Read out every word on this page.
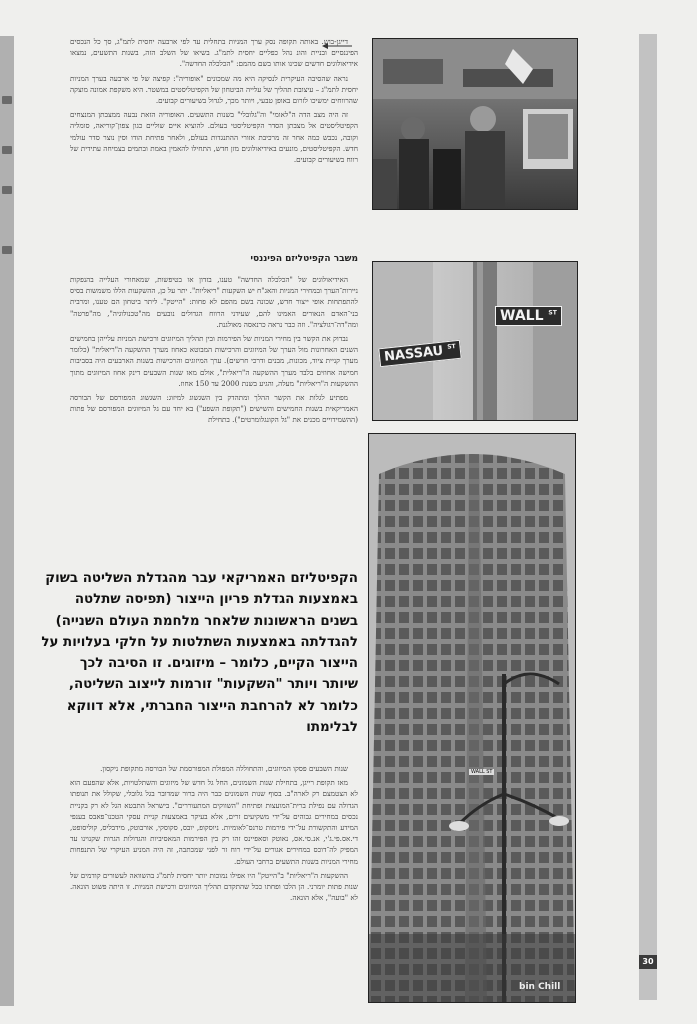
30

דייגן-בוש. באותה תקופה נסק ערך המניות בתחלית עד לפי ארבעה יחסית לתמ"ג, סך כל הנכסים הפיננסיים ובניית והונ נהל כפליים יחסית לתמ"ג. בשיאו של השלב הזה, בשנות התשעים, נמצאו אידיאולוגים חדשים שכינו אותו בשם מהמם: "הכלכלה החדשה".

נראה שהסיבה העיקרית לנסיקה היא מה שמכונים "אופוריה": קפיצה של פי ארבעה בערך המניות יחסית לתמ"ג – עיצובת תהליך של עלייה הביטחון של הקפיטליסטים במשטר. היא משקפת אמונה מוצקה שהרווחים ימשיכו לזרום באופן טבעי, ויותר מכך, לגדול בשיעורים קבועים.

זה היה מצב הדה ה"לאומי" וה"גלובלי" בשנות התשעים. האופוריה הזאת נבעה ממצבתן המנצחים הקפיטליסטים אל מצבתן הסדר הקפיטליסטי בעולם. להוציא איים שוליים כגון צפון־קוריאה, סומליה וקובה, נכבש כמה אחר זה מרכיבת אזורי ההתנגדות בעולם, ולאחר פתיחת הודו וסין נוצר סדר עולמי חדש. הקפיטליסטים, מונעים באידיאולוגים מזן חדש, התחילו להאמין באמת ובתמים בצמיחה עתידית של רווח בשיעורים קבועים.

משבר הקפיטליזם הפיננסי

האידיאולוגים של "הכלכלה החדשה" טענו, בזדון או בטיפשות, שמאחורי העלייה בהנפקות ניירות־הערך ובמחירי המניות והאג"ח יש השקעות "ריאליות". יתר על כן, ההשקעות הללו משמשות בסיס להתפתחות אופי ייצור חדש, שכונה בשם מהפם לא פחות: "הייטק". ליתר ביטחון הם טענו, ומרבית בני־האדם הנאורים האמינו להם, שעידני הרווח הגדולים נובעים מה"טכנולוגיה", מה"פרטה" ומה"דה־רגולציה". וזה כבר נראה כרנאסה מאולגנת.

נבדוק את הקשר בין מחירי המניות של הפירמות ובין תהליך המיזוגים ורכישת המניות עלייהן בחמישים השנים האחרונות מול הערך של המיזוגים והרכישות המבוטא כאחוז מערך ההשקעה ה"ריאלית" (כלומר מערך קניית ציוד, מכונות, מבנים ודרכי חרשים). ערך המיזוגים והרכישות בשנות הארבעים היה בסביבות חמישה אחוזים בלבד מערך ההשקעה ה"ריאלית", אולם מאז שנות השבעים דינק אחוז המיזוגים מתוך ההשקעות ה"ריאליות" מעלה, והגיע בשנת 2000 עד 150 אחוז.

מפתיע לגלות את הקשר ההלך ומתהדק בין השגשוג למיזוג: השגשוג המפורסם של הבורסה האמריקאית בשנות החמישים והשישים ("תקופת השפע") בא יחד עם גל המיזוגים המפורסם של פתות (ההשמידויים מכנים את "גל הקונגלומרטים"). בתחילת

הקפיטליזם האמריקאי עבר מהגדלת השליטה בשוק באמצעות הגדלת פריון הייצור (תפיסה שתלטה בשנים הראשונות שלאחר מלחמת העולם השנייה) להגדלתה באמצעות השתלטות על חלקי בעלויות על הייצור הקיים, כלומר – מיזוגים. זו הסיבה לכך שיותר ויותר "השקעות" זורמות לייצוב השליטה, כלומר לא להרחבת הייצור החברתי, אלא דווקא לבלימתו

שנות השבעים פסקו המיזוגים, והתחוללה המפולת המפורסמת של הבורסה מתקופת ניקסון.

מאז תקופת רייגן, בתחילת שנות השמונים, החל גל חדש של מיזוגים והשתלטויות, אלא שהפעם הוא לא הצטמצם רק לארה"ב. בסוף שנות השמונים כבר היה ברור שמדובר בגל גלובלי, שקולל את תנופתו הגדולה עם נפילת ברית־המועצות ופתיחת "השווקים המתעוררים". בישראל התבטא הגל לא רק בקניית נכסים במחירים גבוהים על־ידי משקיעים זרים, אלא בעיקר באמצעות קניית עסקי הטכנו־פאבס בענפי המידע והתקשורת על־ידי פירמות טרנס־לאומיות. ניוסקופ, יובס, סקוסקי, אורבוטק, מידבליס, קוליסופט, די.אס.פי.ג'י, אנ.סי.אס, נאוטק וסאפיינס זהו רק בין הפירמות המאסיביות והגדולות הגרות שקנוינו עד המפיק לה־דוכס במחירים אגורים על־ידי רוח זר לפני שמכתבה, זה היה המניע העיקרי של התנפחות מחירי המניות בשנות התשעים ברחבי העולם.

ההשקעות ה"ריאליות" ב"הייטק" היו אפילו נמוכות יותר יחסית לתמ"ג בהשוואה לעשורים קודמים של שנות פתות יומרני. הן הלכו ופחתו ככל שהתקדם תהליך המיזוגים ורכישת המניות. זו היתה פשוט הונאה. לא "בועה", אלא הונאה.

WALL $^{ST}$
NASSAU $^{ST}$
WALL ST
bin Chill
